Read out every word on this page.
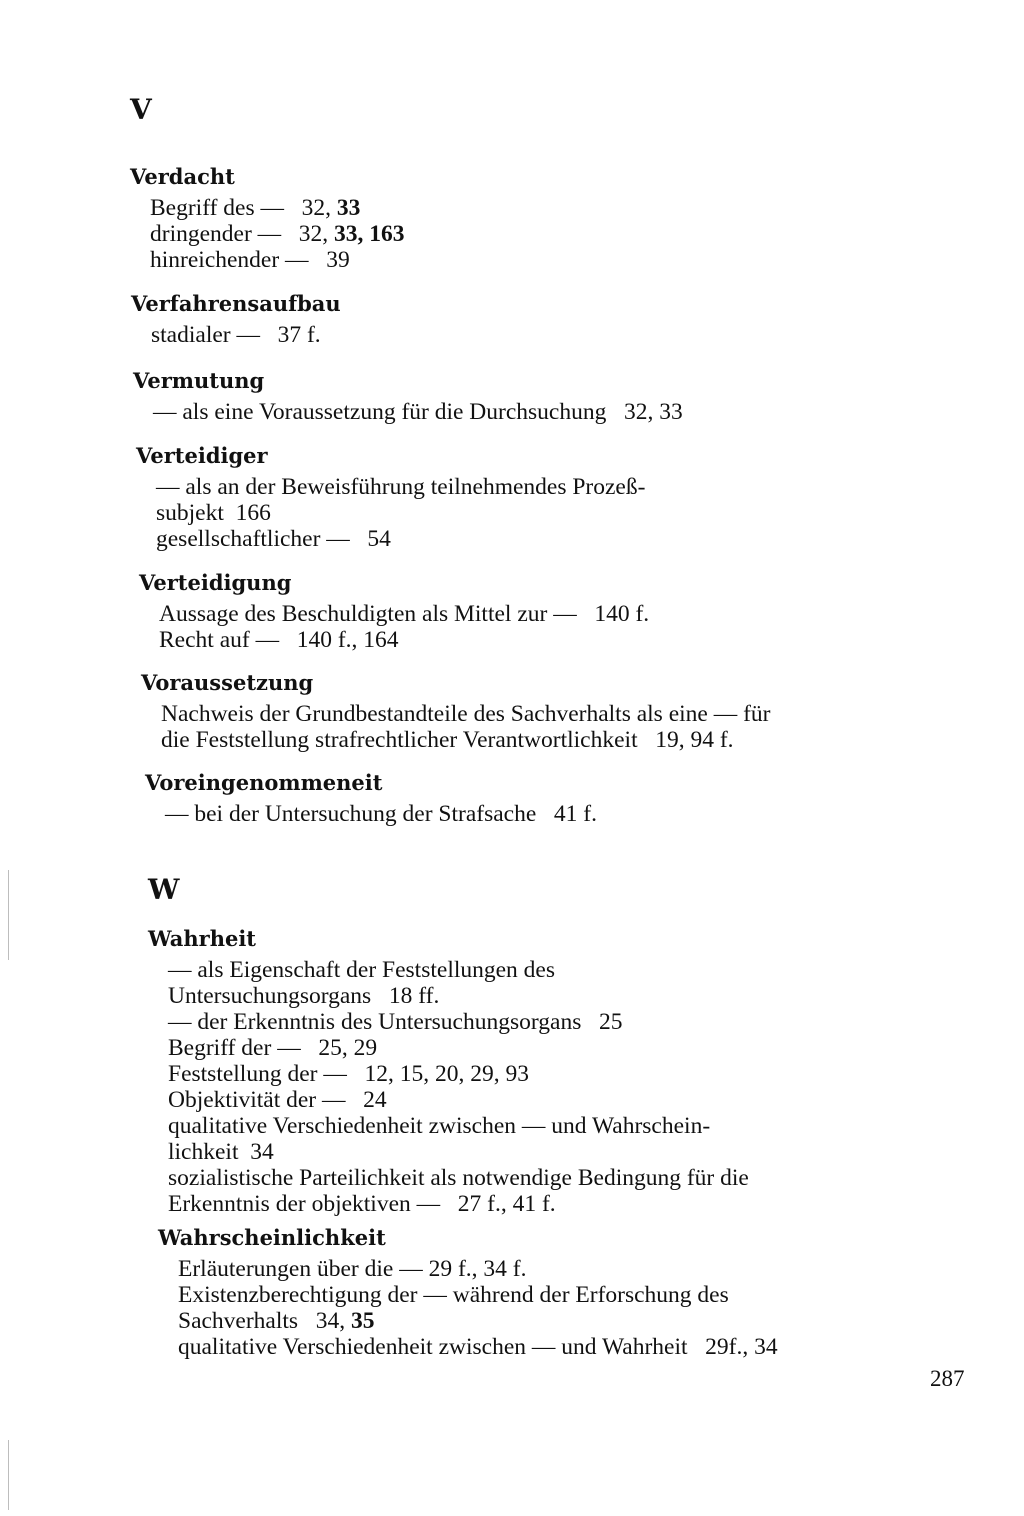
V
Verdacht
Begriff des — 32, 33
dringender — 32, 33, 163
hinreichender — 39
Verfahrensaufbau
stadialer — 37 f.
Vermutung
— als eine Voraussetzung für die Durchsuchung 32, 33
Verteidiger
— als an der Beweisführung teilnehmendes Prozeß-
subjekt 166
gesellschaftlicher — 54
Verteidigung
Aussage des Beschuldigten als Mittel zur — 140 f.
Recht auf — 140 f., 164
Voraussetzung
Nachweis der Grundbestandteile des Sachverhalts als eine — für
die Feststellung strafrechtlicher Verantwortlichkeit 19, 94 f.
Voreingenommeneit
— bei der Untersuchung der Strafsache 41 f.
W
Wahrheit
— als Eigenschaft der Feststellungen des
Untersuchungsorgans 18 ff.
— der Erkenntnis des Untersuchungsorgans 25
Begriff der — 25, 29
Feststellung der — 12, 15, 20, 29, 93
Objektivität der — 24
qualitative Verschiedenheit zwischen — und Wahrschein-
lichkeit 34
sozialistische Parteilichkeit als notwendige Bedingung für die
Erkenntnis der objektiven — 27 f., 41 f.
Wahrscheinlichkeit
Erläuterungen über die — 29 f., 34 f.
Existenzberechtigung der — während der Erforschung des
Sachverhalts 34, 35
qualitative Verschiedenheit zwischen — und Wahrheit 29f., 34
287
